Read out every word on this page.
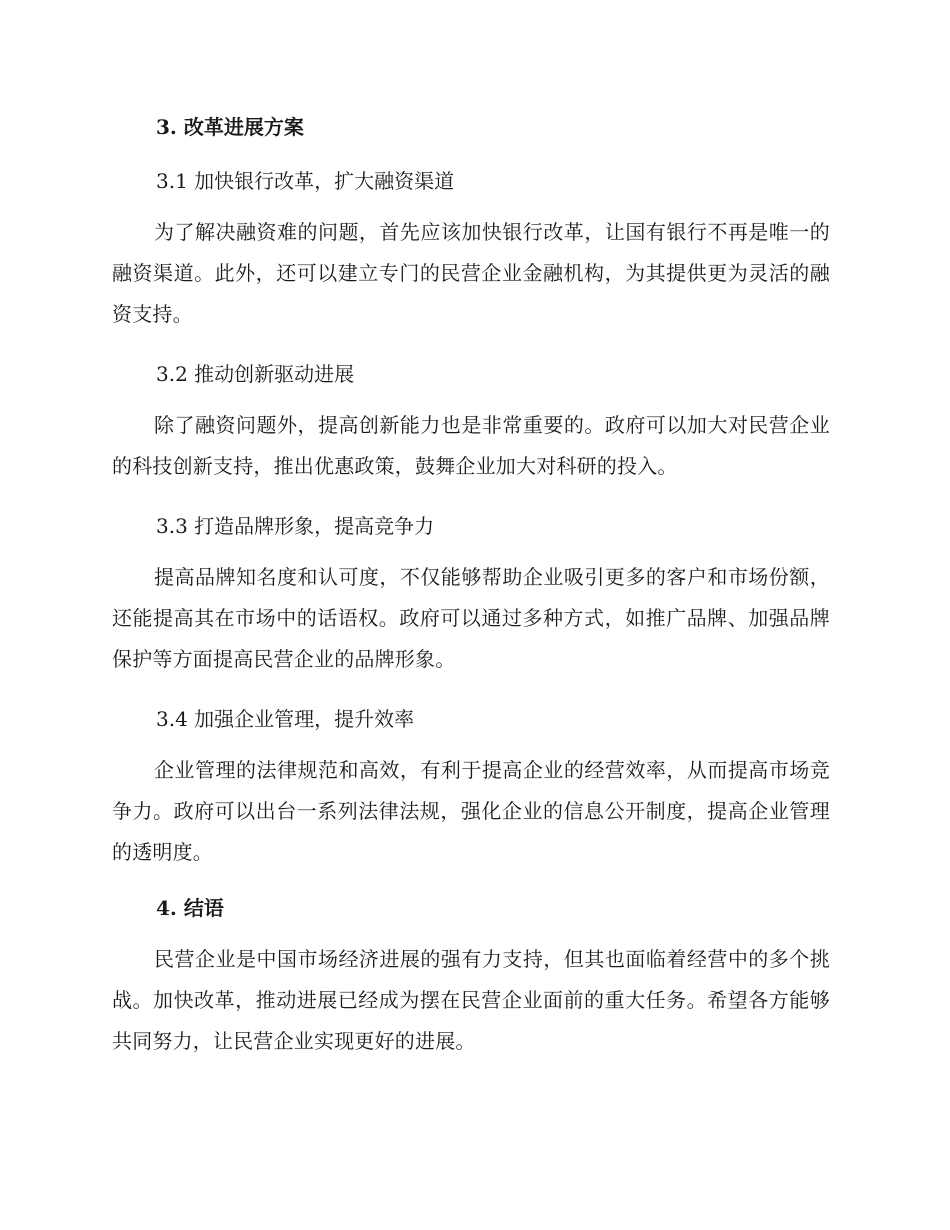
3. 改革进展方案
3.1 加快银行改革，扩大融资渠道
为了解决融资难的问题，首先应该加快银行改革，让国有银行不再是唯一的融资渠道。此外，还可以建立专门的民营企业金融机构，为其提供更为灵活的融资支持。
3.2 推动创新驱动进展
除了融资问题外，提高创新能力也是非常重要的。政府可以加大对民营企业的科技创新支持，推出优惠政策，鼓舞企业加大对科研的投入。
3.3 打造品牌形象，提高竞争力
提高品牌知名度和认可度，不仅能够帮助企业吸引更多的客户和市场份额，还能提高其在市场中的话语权。政府可以通过多种方式，如推广品牌、加强品牌保护等方面提高民营企业的品牌形象。
3.4 加强企业管理，提升效率
企业管理的法律规范和高效，有利于提高企业的经营效率，从而提高市场竞争力。政府可以出台一系列法律法规，强化企业的信息公开制度，提高企业管理的透明度。
4. 结语
民营企业是中国市场经济进展的强有力支持，但其也面临着经营中的多个挑战。加快改革，推动进展已经成为摆在民营企业面前的重大任务。希望各方能够共同努力，让民营企业实现更好的进展。
